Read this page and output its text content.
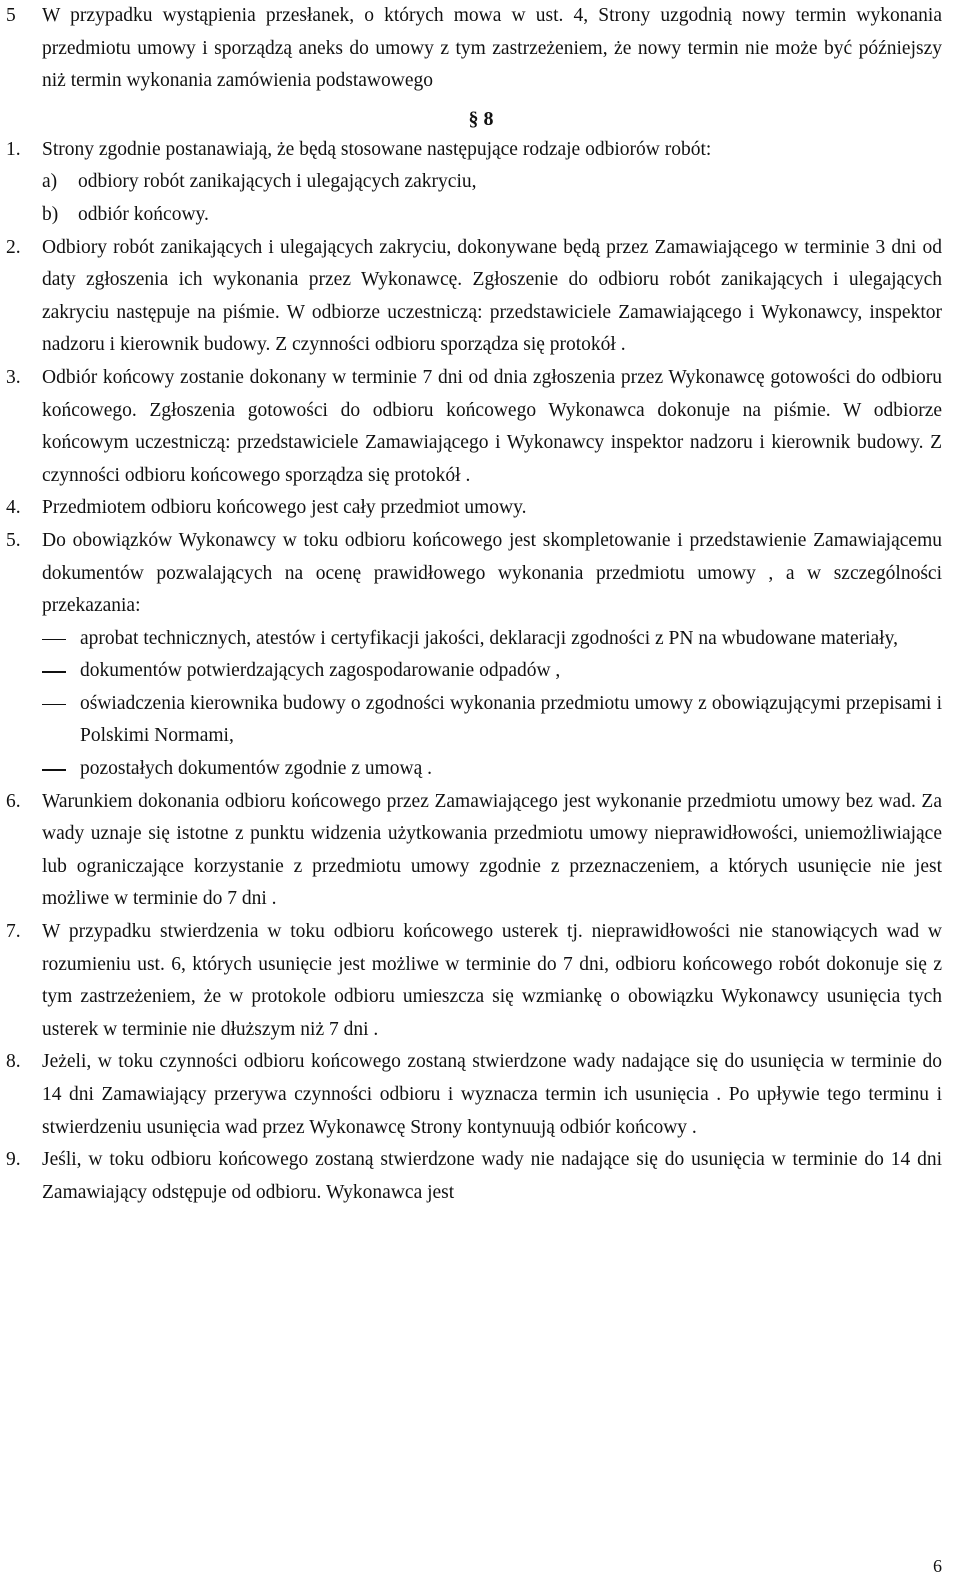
5 W przypadku wystąpienia przesłanek, o których mowa w ust. 4, Strony uzgodnią nowy termin wykonania przedmiotu umowy i sporządzą aneks do umowy z tym zastrzeżeniem, że nowy termin nie może być późniejszy niż termin wykonania zamówienia podstawowego
§ 8
1. Strony zgodnie postanawiają, że będą stosowane następujące rodzaje odbiorów robót:
a) odbiory robót zanikających i ulegających zakryciu,
b) odbiór końcowy.
2. Odbiory robót zanikających i ulegających zakryciu, dokonywane będą przez Zamawiającego w terminie 3 dni od daty zgłoszenia ich wykonania przez Wykonawcę. Zgłoszenie do odbioru robót zanikających i ulegających zakryciu następuje na piśmie. W odbiorze uczestniczą: przedstawiciele Zamawiającego i Wykonawcy, inspektor nadzoru i kierownik budowy. Z czynności odbioru sporządza się protokół .
3. Odbiór końcowy zostanie dokonany w terminie 7 dni od dnia zgłoszenia przez Wykonawcę gotowości do odbioru końcowego. Zgłoszenia gotowości do odbioru końcowego Wykonawca dokonuje na piśmie. W odbiorze końcowym uczestniczą: przedstawiciele Zamawiającego i Wykonawcy inspektor nadzoru i kierownik budowy. Z czynności odbioru końcowego sporządza się protokół .
4. Przedmiotem odbioru końcowego jest cały przedmiot umowy.
5. Do obowiązków Wykonawcy w toku odbioru końcowego jest skompletowanie i przedstawienie Zamawiającemu dokumentów pozwalających na ocenę prawidłowego wykonania przedmiotu umowy , a w szczególności przekazania:
aprobat technicznych, atestów i certyfikacji jakości, deklaracji zgodności z PN na wbudowane materiały,
dokumentów potwierdzających zagospodarowanie odpadów ,
oświadczenia kierownika budowy o zgodności wykonania przedmiotu umowy z obowiązującymi przepisami i Polskimi Normami,
pozostałych dokumentów zgodnie z umową .
6. Warunkiem dokonania odbioru końcowego przez Zamawiającego jest wykonanie przedmiotu umowy bez wad. Za wady uznaje się istotne z punktu widzenia użytkowania przedmiotu umowy nieprawidłowości, uniemożliwiające lub ograniczające korzystanie z przedmiotu umowy zgodnie z przeznaczeniem, a których usunięcie nie jest możliwe w terminie do 7 dni .
7. W przypadku stwierdzenia w toku odbioru końcowego usterek tj. nieprawidłowości nie stanowiących wad w rozumieniu ust. 6, których usunięcie jest możliwe w terminie do 7 dni, odbioru końcowego robót dokonuje się z tym zastrzeżeniem, że w protokole odbioru umieszcza się wzmiankę o obowiązku Wykonawcy usunięcia tych usterek w terminie nie dłuższym niż 7 dni .
8. Jeżeli, w toku czynności odbioru końcowego zostaną stwierdzone wady nadające się do usunięcia w terminie do 14 dni Zamawiający przerywa czynności odbioru i wyznacza termin ich usunięcia . Po upływie tego terminu i stwierdzeniu usunięcia wad przez Wykonawcę Strony kontynuują odbiór końcowy .
9. Jeśli, w toku odbioru końcowego zostaną stwierdzone wady nie nadające się do usunięcia w terminie do 14 dni Zamawiający odstępuje od odbioru. Wykonawca jest
6
